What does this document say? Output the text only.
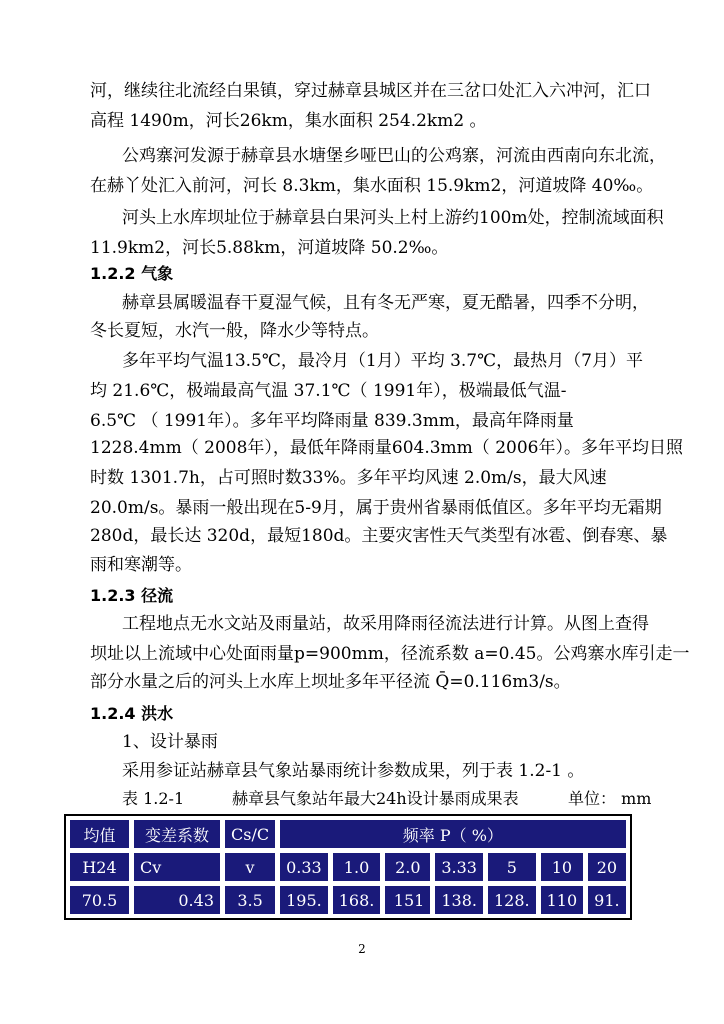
河，继续往北流经白果镇，穿过赫章县城区并在三岔口处汇入六冲河，汇口
高程 1490m，河长26km，集水面积 254.2km2 。
公鸡寨河发源于赫章县水塘堡乡哑巴山的公鸡寨，河流由西南向东北流，
在赫丫处汇入前河，河长 8.3km，集水面积 15.9km2，河道坡降 40‰。
河头上水库坝址位于赫章县白果河头上村上游约100m处，控制流域面积
11.9km2，河长5.88km，河道坡降 50.2‰。
1.2.2 气象
赫章县属暖温春干夏湿气候，且有冬无严寒，夏无酷暑，四季不分明，
冬长夏短，水汽一般，降水少等特点。
多年平均气温13.5℃，最冷月（1月）平均 3.7℃，最热月（7月）平
均 21.6℃，极端最高气温 37.1℃（ 1991年），极端最低气温-
6.5℃ （ 1991年）。多年平均降雨量 839.3mm，最高年降雨量
1228.4mm（ 2008年），最低年降雨量604.3mm（ 2006年）。多年平均日照
时数 1301.7h，占可照时数33%。多年平均风速 2.0m/s，最大风速
20.0m/s。暴雨一般出现在5-9月，属于贵州省暴雨低值区。多年平均无霜期
280d，最长达 320d，最短180d。主要灾害性天气类型有冰雹、倒春寒、暴
雨和寒潮等。
1.2.3 径流
工程地点无水文站及雨量站，故采用降雨径流法进行计算。从图上查得
坝址以上流域中心处面雨量p=900mm，径流系数 a=0.45。公鸡寨水库引走一
部分水量之后的河头上水库上坝址多年平径流 Q̄=0.116m3/s。
1.2.4 洪水
1、设计暴雨
采用参证站赫章县气象站暴雨统计参数成果，列于表 1.2-1 。
表 1.2-1	赫章县气象站年最大24h设计暴雨成果表	单位： mm
均值	变差系数	Cs/C	频率 P（ %）						
H24	Cv	v	0.33	1.0	2.0	3.33	5	10	20
70.5	0.43	3.5	195.	168.	151	138.	128.	110	91.
2
